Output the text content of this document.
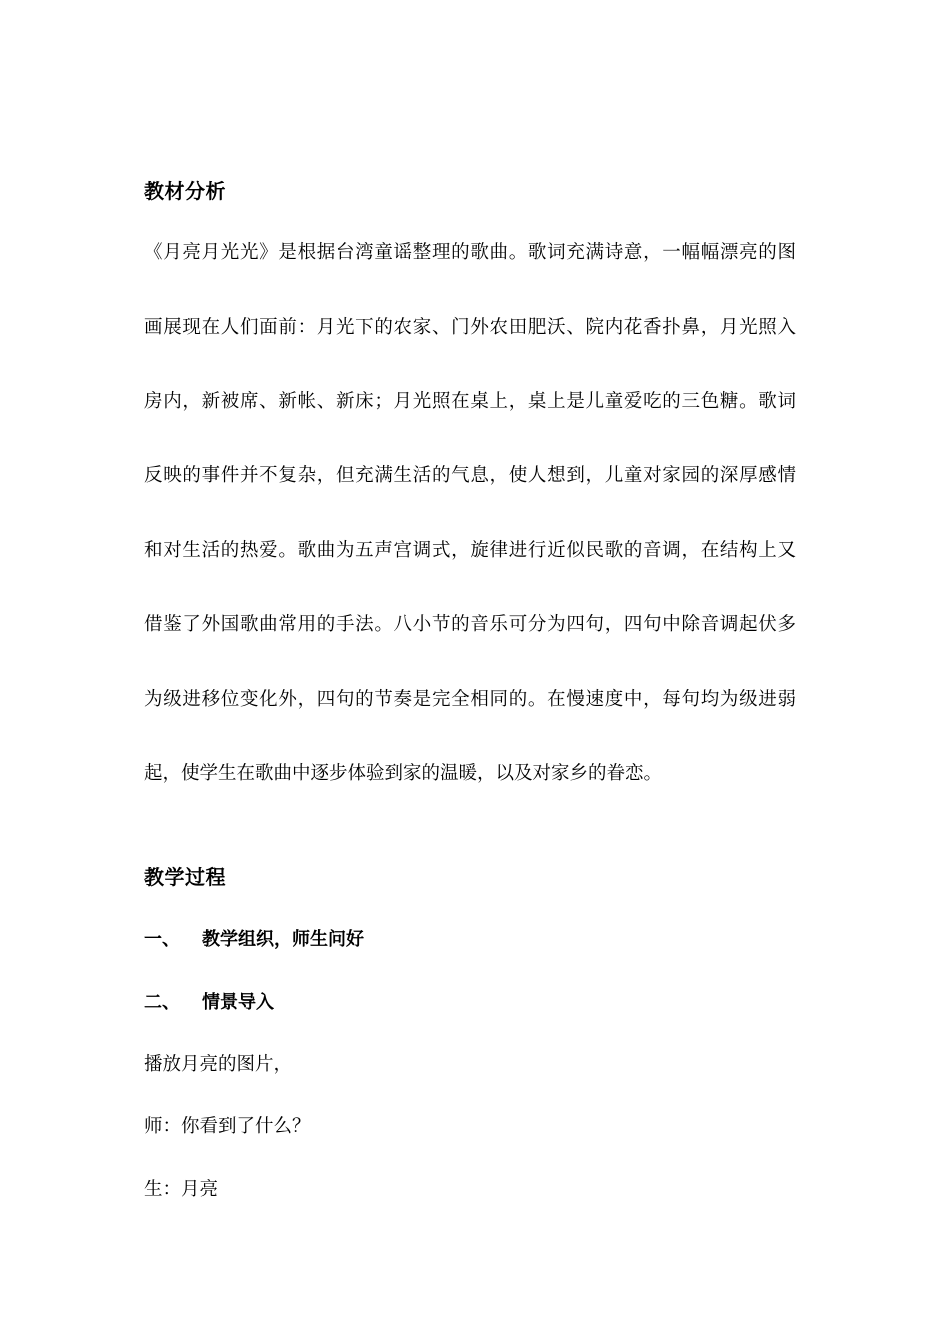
教材分析
《月亮月光光》是根据台湾童谣整理的歌曲。歌词充满诗意，一幅幅漂亮的图
画展现在人们面前：月光下的农家、门外农田肥沃、院内花香扑鼻，月光照入
房内，新被席、新帐、新床；月光照在桌上，桌上是儿童爱吃的三色糖。歌词
反映的事件并不复杂，但充满生活的气息，使人想到，儿童对家园的深厚感情
和对生活的热爱。歌曲为五声宫调式，旋律进行近似民歌的音调，在结构上又
借鉴了外国歌曲常用的手法。八小节的音乐可分为四句，四句中除音调起伏多
为级进移位变化外，四句的节奏是完全相同的。在慢速度中，每句均为级进弱
起，使学生在歌曲中逐步体验到家的温暖，以及对家乡的眷恋。
教学过程
一、 教学组织，师生问好
二、 情景导入
播放月亮的图片，
师：你看到了什么？
生：月亮
